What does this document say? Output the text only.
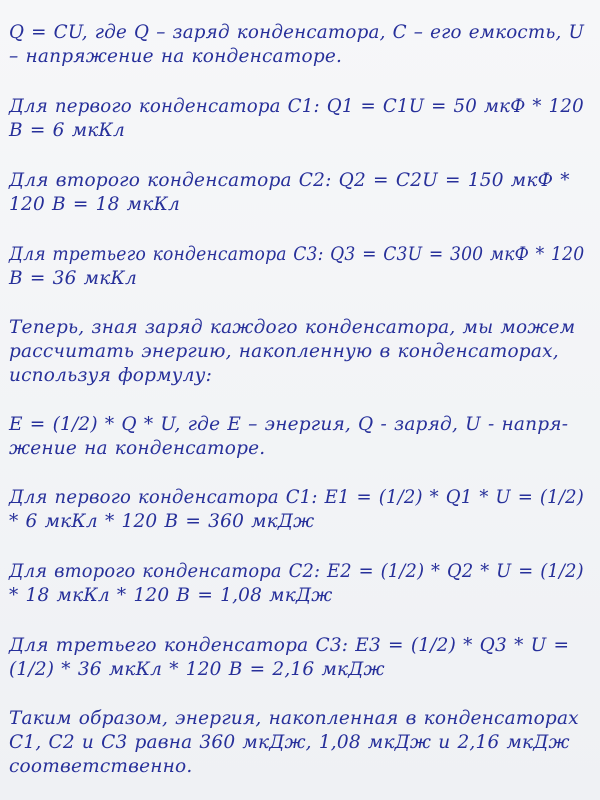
Q = CU, где Q – заряд конденсатора, C – его емкость, U
– напряжение на конденсаторе.

Для первого конденсатора C1: Q1 = C1U = 50 мкФ * 120
В = 6 мкКл

Для второго конденсатора C2: Q2 = C2U = 150 мкФ *
120 В = 18 мкКл

Для третьего конденсатора C3: Q3 = C3U = 300 мкФ * 120
В = 36 мкКл

Теперь, зная заряд каждого конденсатора, мы можем
рассчитать энергию, накопленную в конденсаторах,
используя формулу:

E = (1/2) * Q * U, где E – энергия, Q - заряд, U - напря-
жение на конденсаторе.

Для первого конденсатора C1: E1 = (1/2) * Q1 * U = (1/2)
* 6 мкКл * 120 В = 360 мкДж

Для второго конденсатора C2: E2 = (1/2) * Q2 * U = (1/2)
* 18 мкКл * 120 В = 1,08 мкДж

Для третьего конденсатора C3: E3 = (1/2) * Q3 * U =
(1/2) * 36 мкКл * 120 В = 2,16 мкДж

Таким образом, энергия, накопленная в конденсаторах
C1, C2 и C3 равна 360 мкДж, 1,08 мкДж и 2,16 мкДж
соответственно.
